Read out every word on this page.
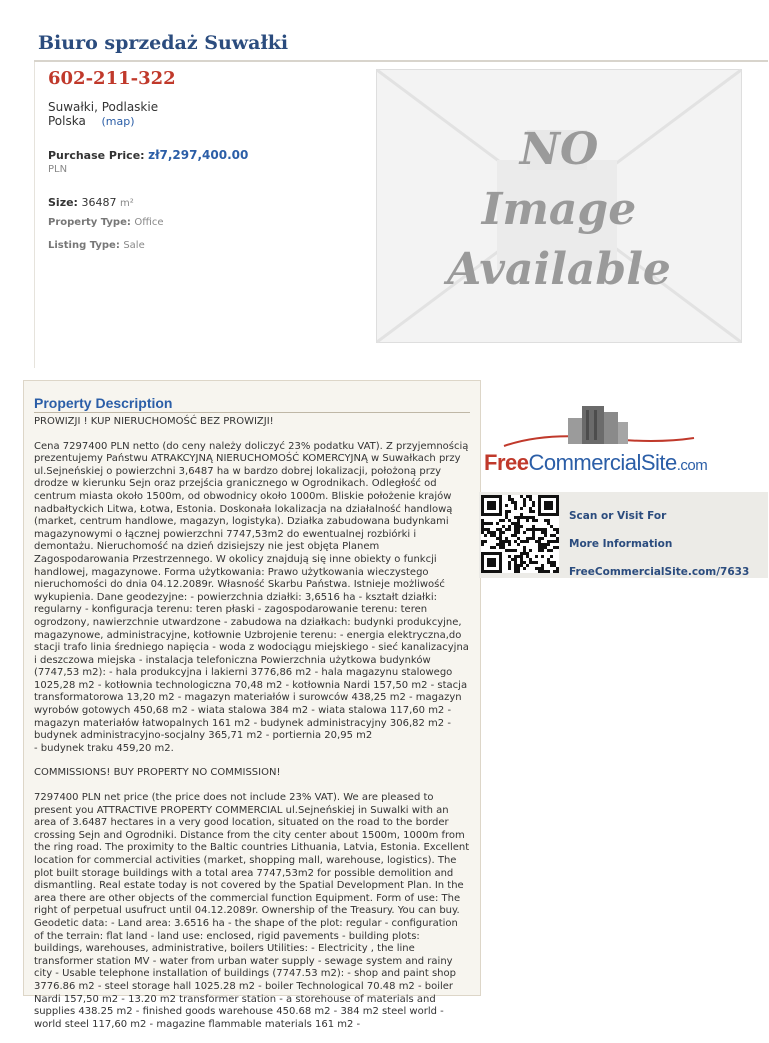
Biuro sprzedaż Suwałki
602-211-322
Suwałki, Podlaskie
Polska (map)
Purchase Price: zł7,297,400.00
PLN
Size: 36487 m²
Property Type: Office
Listing Type: Sale
NO
Image
Available
Property Description

PROWIZJI ! KUP NIERUCHOMOŚĆ BEZ PROWIZJI!

Cena 7297400 PLN netto (do ceny należy doliczyć 23% podatku VAT). Z przyjemnością prezentujemy Państwu ATRAKCYJNĄ NIERUCHOMOŚĆ KOMERCYJNĄ w Suwałkach przy ul.Sejneńskiej o powierzchni 3,6487 ha w bardzo dobrej lokalizacji, położoną przy drodze w kierunku Sejn oraz przejścia granicznego w Ogrodnikach. Odległość od centrum miasta około 1500m, od obwodnicy około 1000m. Bliskie położenie krajów nadbałtyckich Litwa, Łotwa, Estonia. Doskonała lokalizacja na działalność handlową (market, centrum handlowe, magazyn, logistyka). Działka zabudowana budynkami magazynowymi o łącznej powierzchni 7747,53m2 do ewentualnej rozbiórki i demontażu. Nieruchomość na dzień dzisiejszy nie jest objęta Planem Zagospodarowania Przestrzennego. W okolicy znajdują się inne obiekty o funkcji handlowej, magazynowe. Forma użytkowania: Prawo użytkowania wieczystego nieruchomości do dnia 04.12.2089r. Własność Skarbu Państwa. Istnieje możliwość wykupienia. Dane geodezyjne: - powierzchnia działki: 3,6516 ha - kształt działki: regularny - konfiguracja terenu: teren płaski - zagospodarowanie terenu: teren ogrodzony, nawierzchnie utwardzone - zabudowa na działkach: budynki produkcyjne, magazynowe, administracyjne, kotłownie Uzbrojenie terenu: - energia elektryczna,do stacji trafo linia średniego napięcia - woda z wodociągu miejskiego - sieć kanalizacyjna i deszczowa miejska - instalacja telefoniczna Powierzchnia użytkowa budynków (7747,53 m2): - hala produkcyjna i lakierni 3776,86 m2 - hala magazynu stalowego 1025,28 m2 - kotłownia technologiczna 70,48 m2 - kotłownia Nardi 157,50 m2 - stacja transformatorowa 13,20 m2 - magazyn materiałów i surowców 438,25 m2 - magazyn wyrobów gotowych 450,68 m2 - wiata stalowa 384 m2 - wiata stalowa 117,60 m2 - magazyn materiałów łatwopalnych 161 m2 - budynek administracyjny 306,82 m2 - budynek administracyjno-socjalny 365,71 m2 - portiernia 20,95 m2
- budynek traku 459,20 m2.

COMMISSIONS! BUY PROPERTY NO COMMISSION!

7297400 PLN net price (the price does not include 23% VAT). We are pleased to present you ATTRACTIVE PROPERTY COMMERCIAL ul.Sejneńskiej in Suwalki with an area of 3.6487 hectares in a very good location, situated on the road to the border crossing Sejn and Ogrodniki. Distance from the city center about 1500m, 1000m from the ring road. The proximity to the Baltic countries Lithuania, Latvia, Estonia. Excellent location for commercial activities (market, shopping mall, warehouse, logistics). The plot built storage buildings with a total area 7747,53m2 for possible demolition and dismantling. Real estate today is not covered by the Spatial Development Plan. In the area there are other objects of the commercial function Equipment. Form of use: The right of perpetual usufruct until 04.12.2089r. Ownership of the Treasury. You can buy. Geodetic data: - Land area: 3.6516 ha - the shape of the plot: regular - configuration of the terrain: flat land - land use: enclosed, rigid pavements - building plots: buildings, warehouses, administrative, boilers Utilities: - Electricity , the line transformer station MV - water from urban water supply - sewage system and rainy city - Usable telephone installation of buildings (7747.53 m2): - shop and paint shop 3776.86 m2 - steel storage hall 1025.28 m2 - boiler Technological 70.48 m2 - boiler Nardi 157,50 m2 - 13.20 m2 transformer station - a storehouse of materials and supplies 438.25 m2 - finished goods warehouse 450.68 m2 - 384 m2 steel world - world steel 117,60 m2 - magazine flammable materials 161 m2 -

FreeCommercialSite.com
Scan or Visit For
More Information
FreeCommercialSite.com/7633
